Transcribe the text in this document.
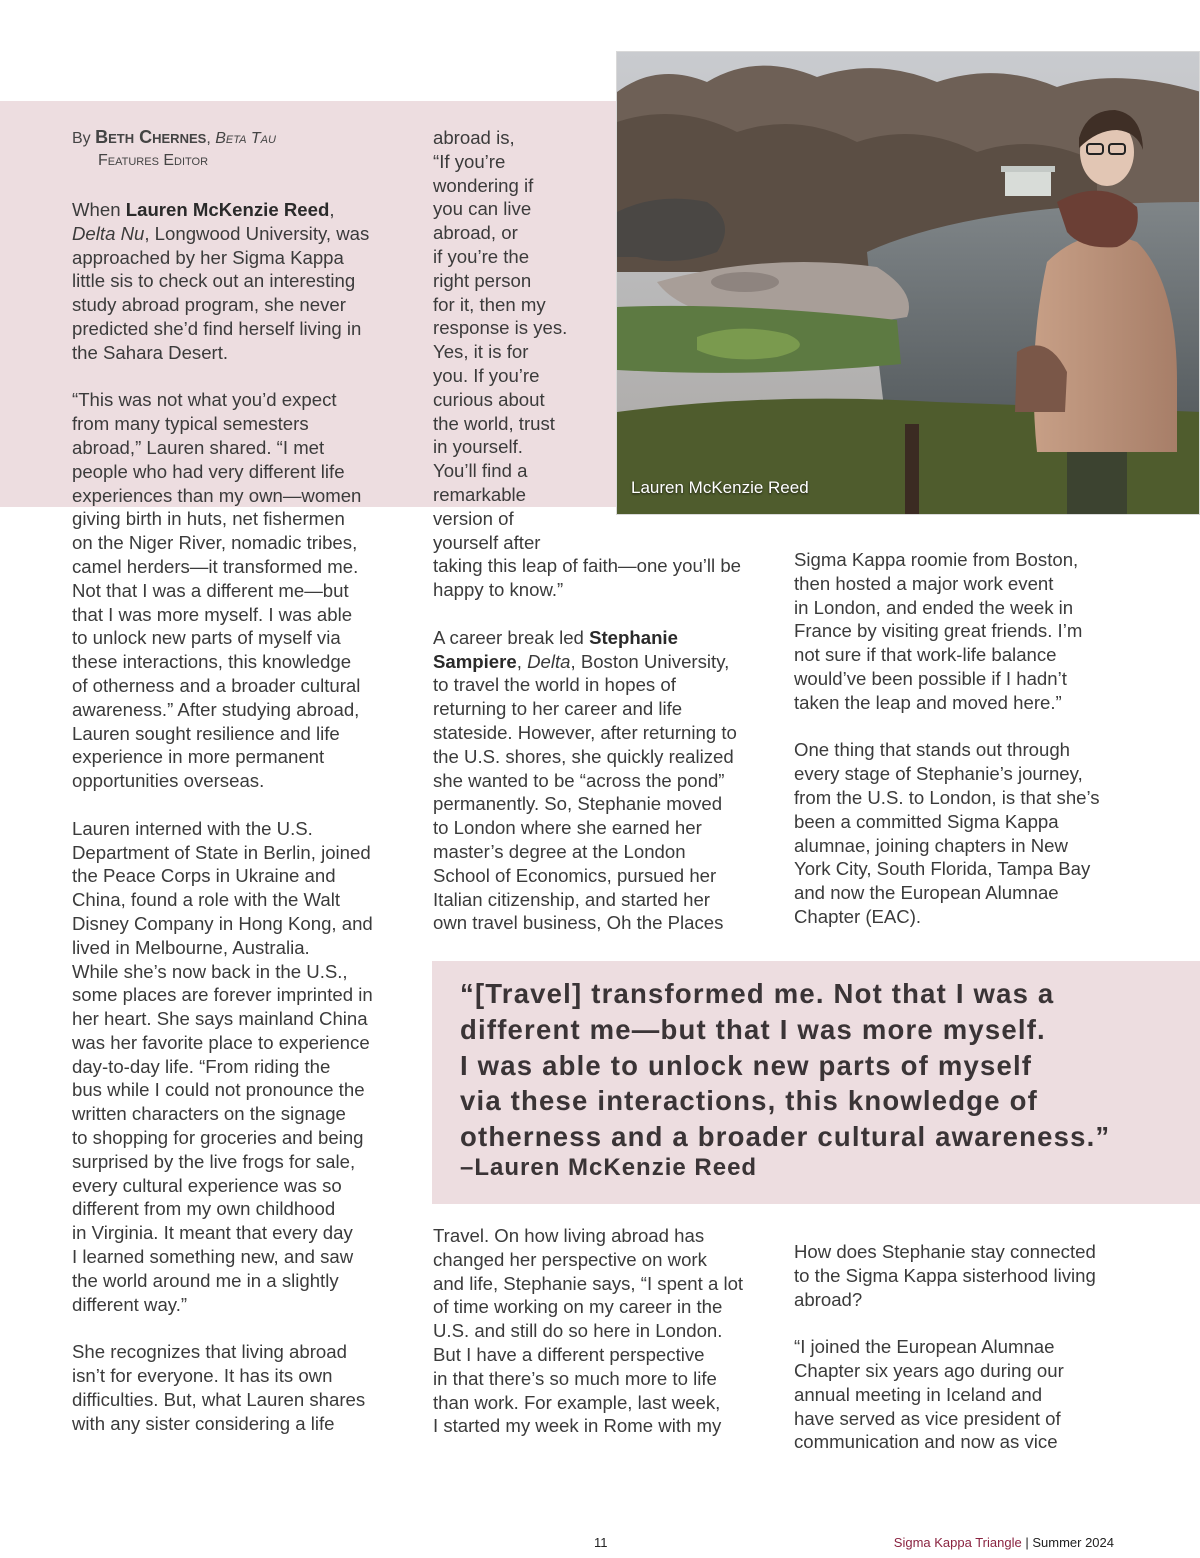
By Beth Chernes, Beta Tau
Features Editor

When Lauren McKenzie Reed,
Delta Nu, Longwood University, was
approached by her Sigma Kappa
little sis to check out an interesting
study abroad program, she never
predicted she’d find herself living in
the Sahara Desert.

“This was not what you’d expect
from many typical semesters
abroad,” Lauren shared. “I met
people who had very different life
experiences than my own—women
giving birth in huts, net fishermen
on the Niger River, nomadic tribes,
camel herders—it transformed me.
Not that I was a different me—but
that I was more myself. I was able
to unlock new parts of myself via
these interactions, this knowledge
of otherness and a broader cultural
awareness.” After studying abroad,
Lauren sought resilience and life
experience in more permanent
opportunities overseas.

Lauren interned with the U.S.
Department of State in Berlin, joined
the Peace Corps in Ukraine and
China, found a role with the Walt
Disney Company in Hong Kong, and
lived in Melbourne, Australia.
While she’s now back in the U.S.,
some places are forever imprinted in
her heart. She says mainland China
was her favorite place to experience
day-to-day life. “From riding the
bus while I could not pronounce the
written characters on the signage
to shopping for groceries and being
surprised by the live frogs for sale,
every cultural experience was so
different from my own childhood
in Virginia. It meant that every day
I learned something new, and saw
the world around me in a slightly
different way.”

She recognizes that living abroad
isn’t for everyone. It has its own
difficulties. But, what Lauren shares
with any sister considering a life

abroad is,
“If you’re
wondering if
you can live
abroad, or
if you’re the
right person
for it, then my
response is yes.
Yes, it is for
you. If you’re
curious about
the world, trust
in yourself.
You’ll find a
remarkable
version of
yourself after
taking this leap of faith—one you’ll be
happy to know.”

A career break led Stephanie
Sampiere, Delta, Boston University,
to travel the world in hopes of
returning to her career and life
stateside. However, after returning to
the U.S. shores, she quickly realized
she wanted to be “across the pond”
permanently. So, Stephanie moved
to London where she earned her
master’s degree at the London
School of Economics, pursued her
Italian citizenship, and started her
own travel business, Oh the Places

Travel. On how living abroad has
changed her perspective on work
and life, Stephanie says, “I spent a lot
of time working on my career in the
U.S. and still do so here in London.
But I have a different perspective
in that there’s so much more to life
than work. For example, last week,
I started my week in Rome with my

Sigma Kappa roomie from Boston,
then hosted a major work event
in London, and ended the week in
France by visiting great friends. I’m
not sure if that work-life balance
would’ve been possible if I hadn’t
taken the leap and moved here.”

One thing that stands out through
every stage of Stephanie’s journey,
from the U.S. to London, is that she’s
been a committed Sigma Kappa
alumnae, joining chapters in New
York City, South Florida, Tampa Bay
and now the European Alumnae
Chapter (EAC).

How does Stephanie stay connected
to the Sigma Kappa sisterhood living
abroad?

“I joined the European Alumnae
Chapter six years ago during our
annual meeting in Iceland and
have served as vice president of
communication and now as vice

Lauren McKenzie Reed
“[Travel] transformed me. Not that I was a
different me—but that I was more myself.
I was able to unlock new parts of myself
via these interactions, this knowledge of
otherness and a broader cultural awareness.”
–Lauren McKenzie Reed
11	Sigma Kappa Triangle | Summer 2024
